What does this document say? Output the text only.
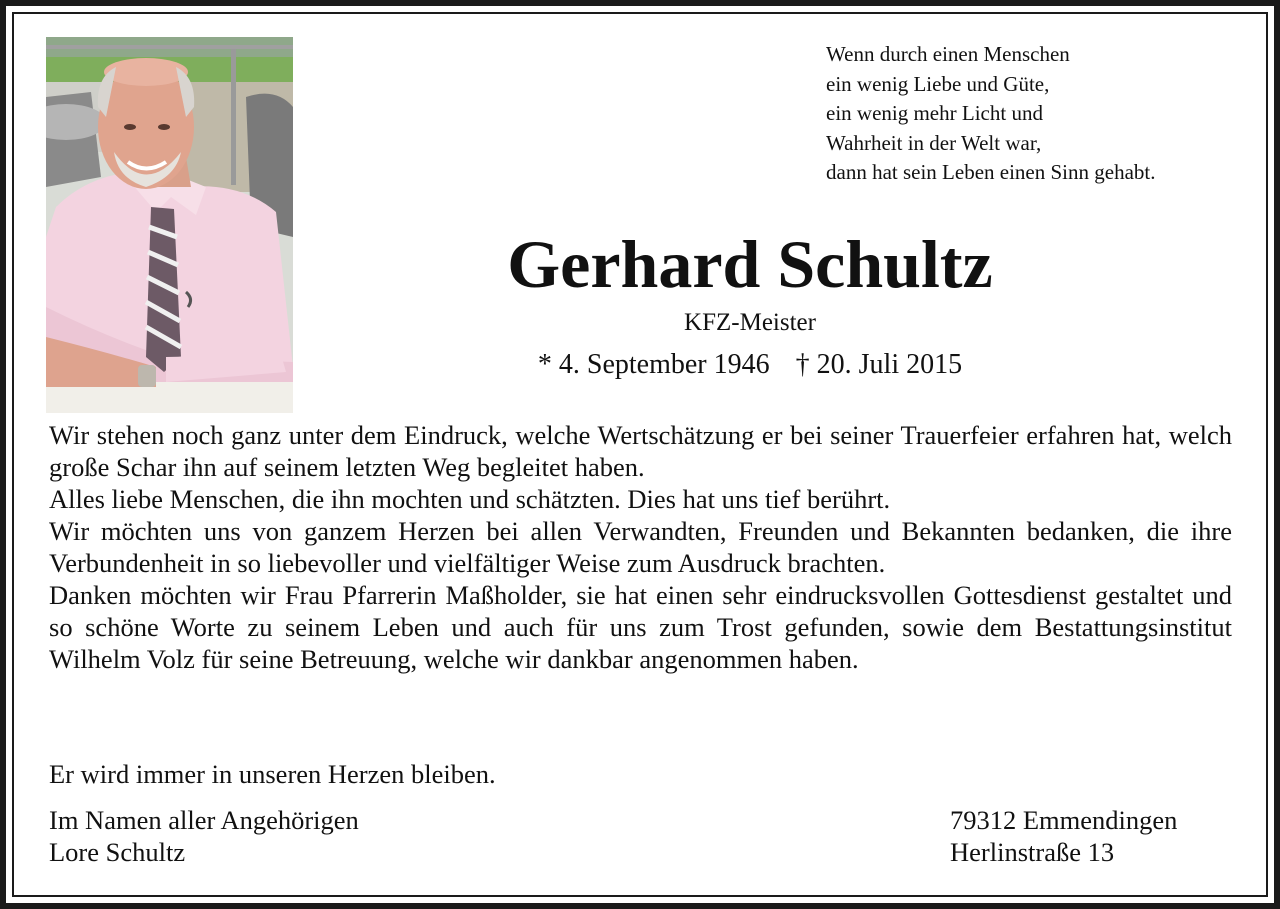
Wenn durch einen Menschen
ein wenig Liebe und Güte,
ein wenig mehr Licht und
Wahrheit in der Welt war,
dann hat sein Leben einen Sinn gehabt.
Gerhard Schultz
KFZ-Meister
* 4. September 1946 † 20. Juli 2015

Wir stehen noch ganz unter dem Eindruck, welche Wertschätzung er bei seiner Trauerfeier erfahren hat, welch große Schar ihn auf seinem letzten Weg begleitet haben.

Alles liebe Menschen, die ihn mochten und schätzten. Dies hat uns tief berührt.

Wir möchten uns von ganzem Herzen bei allen Verwandten, Freunden und Bekannten bedanken, die ihre Verbundenheit in so liebevoller und vielfältiger Weise zum Ausdruck brachten.

Danken möchten wir Frau Pfarrerin Maßholder, sie hat einen sehr eindrucksvollen Gottesdienst gestaltet und so schöne Worte zu seinem Leben und auch für uns zum Trost gefunden, sowie dem Bestattungsinstitut Wilhelm Volz für seine Betreuung, welche wir dankbar angenommen haben.

Er wird immer in unseren Herzen bleiben.
Im Namen aller Angehörigen
Lore Schultz
79312 Emmendingen
Herlinstraße 13
